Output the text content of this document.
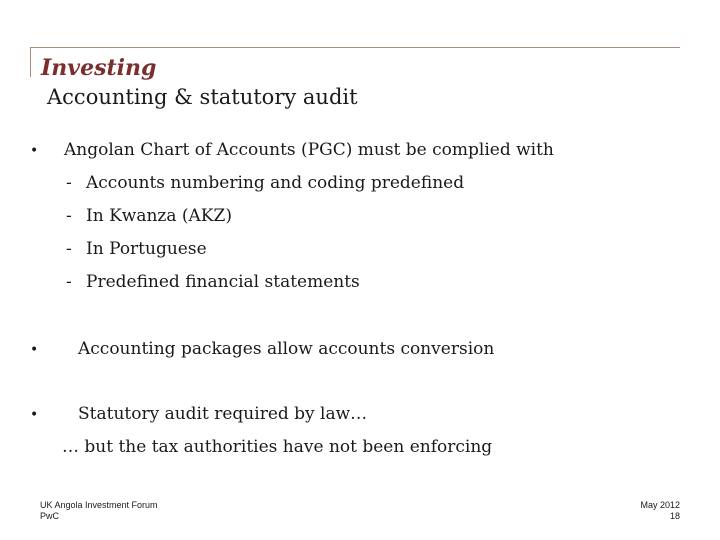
Investing
Accounting & statutory audit
• Angolan Chart of Accounts (PGC) must be complied with
- Accounts numbering and coding predefined
- In Kwanza (AKZ)
- In Portuguese
- Predefined financial statements
• Accounting packages allow accounts conversion
• Statutory audit required by law…
… but the tax authorities have not been enforcing
UK Angola Investment Forum
PwC
May 2012
18
